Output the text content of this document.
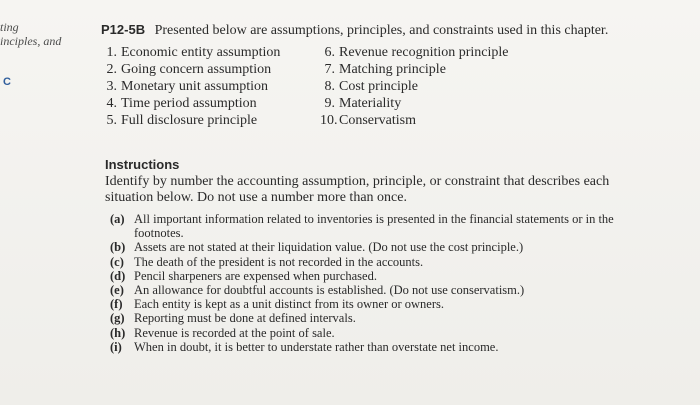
ting
inciples, and
C
P12-5B Presented below are assumptions, principles, and constraints used in this chapter.
1. Economic entity assumption
2. Going concern assumption
3. Monetary unit assumption
4. Time period assumption
5. Full disclosure principle
6. Revenue recognition principle
7. Matching principle
8. Cost principle
9. Materiality
10. Conservatism
Instructions
Identify by number the accounting assumption, principle, or constraint that describes each situation below. Do not use a number more than once.
(a) All important information related to inventories is presented in the financial statements or in the footnotes.
(b) Assets are not stated at their liquidation value. (Do not use the cost principle.)
(c) The death of the president is not recorded in the accounts.
(d) Pencil sharpeners are expensed when purchased.
(e) An allowance for doubtful accounts is established. (Do not use conservatism.)
(f) Each entity is kept as a unit distinct from its owner or owners.
(g) Reporting must be done at defined intervals.
(h) Revenue is recorded at the point of sale.
(i) When in doubt, it is better to understate rather than overstate net income.
